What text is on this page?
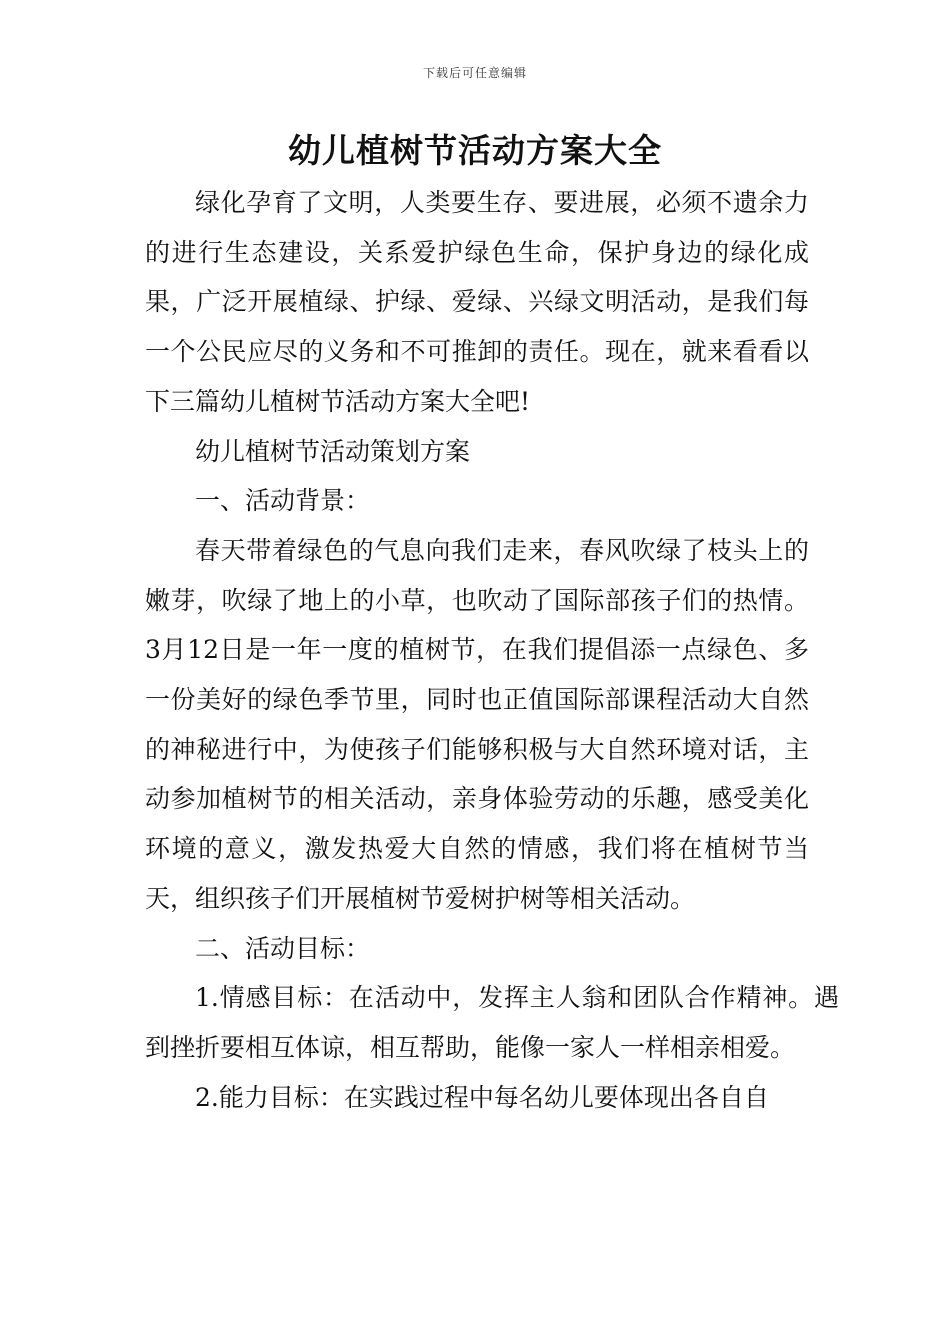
下载后可任意编辑
幼儿植树节活动方案大全

绿化孕育了文明，人类要生存、要进展，必须不遗余力的进行生态建设，关系爱护绿色生命，保护身边的绿化成果，广泛开展植绿、护绿、爱绿、兴绿文明活动，是我们每一个公民应尽的义务和不可推卸的责任。现在，就来看看以下三篇幼儿植树节活动方案大全吧!

幼儿植树节活动策划方案

一、活动背景：

春天带着绿色的气息向我们走来，春风吹绿了枝头上的嫩芽，吹绿了地上的小草，也吹动了国际部孩子们的热情。3月12日是一年一度的植树节，在我们提倡添一点绿色、多一份美好的绿色季节里，同时也正值国际部课程活动大自然的神秘进行中，为使孩子们能够积极与大自然环境对话，主动参加植树节的相关活动，亲身体验劳动的乐趣，感受美化环境的意义，激发热爱大自然的情感，我们将在植树节当天，组织孩子们开展植树节爱树护树等相关活动。

二、活动目标：

1.情感目标：在活动中，发挥主人翁和团队合作精神。遇到挫折要相互体谅，相互帮助，能像一家人一样相亲相爱。

2.能力目标：在实践过程中每名幼儿要体现出各自自
